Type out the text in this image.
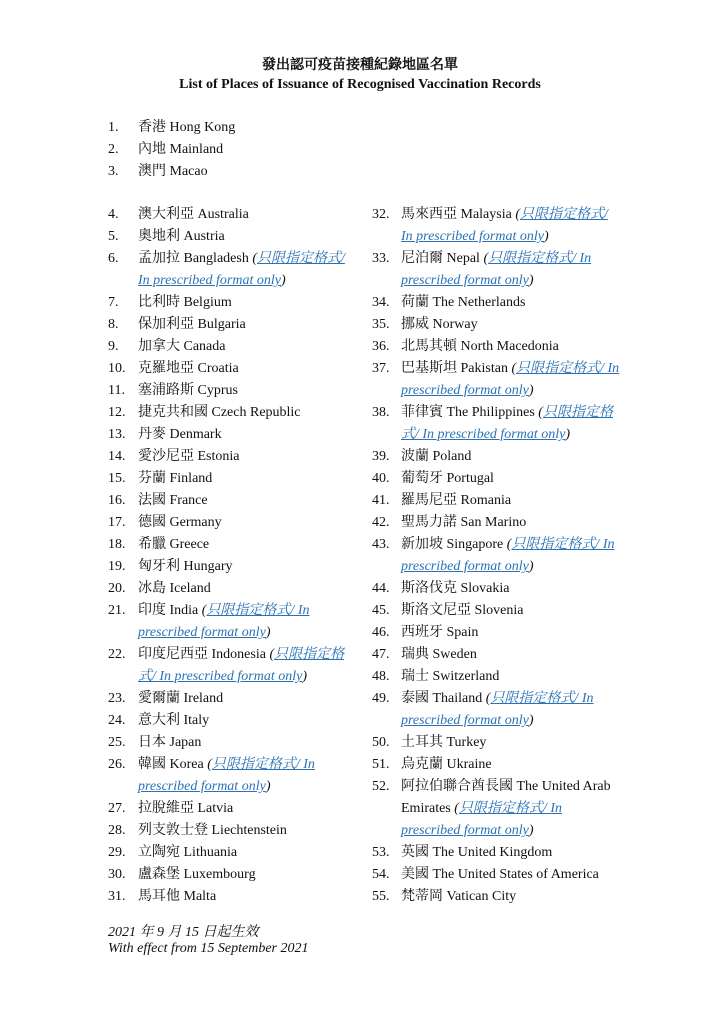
發出認可疫苗接種紀錄地區名單
List of Places of Issuance of Recognised Vaccination Records
1. 香港 Hong Kong
2. 內地 Mainland
3. 澳門 Macao
4. 澳大利亞 Australia
5. 奧地利 Austria
6. 孟加拉 Bangladesh (只限指定格式/ In prescribed format only)
7. 比利時 Belgium
8. 保加利亞 Bulgaria
9. 加拿大 Canada
10. 克羅地亞 Croatia
11. 塞浦路斯 Cyprus
12. 捷克共和國 Czech Republic
13. 丹麥 Denmark
14. 愛沙尼亞 Estonia
15. 芬蘭 Finland
16. 法國 France
17. 德國 Germany
18. 希臘 Greece
19. 匈牙利 Hungary
20. 冰島 Iceland
21. 印度 India (只限指定格式/ In prescribed format only)
22. 印度尼西亞 Indonesia (只限指定格式/ In prescribed format only)
23. 愛爾蘭 Ireland
24. 意大利 Italy
25. 日本 Japan
26. 韓國 Korea (只限指定格式/ In prescribed format only)
27. 拉脫維亞 Latvia
28. 列支敦士登 Liechtenstein
29. 立陶宛 Lithuania
30. 盧森堡 Luxembourg
31. 馬耳他 Malta
32. 馬來西亞 Malaysia (只限指定格式/ In prescribed format only)
33. 尼泊爾 Nepal (只限指定格式/ In prescribed format only)
34. 荷蘭 The Netherlands
35. 挪威 Norway
36. 北馬其頓 North Macedonia
37. 巴基斯坦 Pakistan (只限指定格式/ In prescribed format only)
38. 菲律賓 The Philippines (只限指定格式/ In prescribed format only)
39. 波蘭 Poland
40. 葡萄牙 Portugal
41. 羅馬尼亞 Romania
42. 聖馬力諾 San Marino
43. 新加坡 Singapore (只限指定格式/ In prescribed format only)
44. 斯洛伐克 Slovakia
45. 斯洛文尼亞 Slovenia
46. 西班牙 Spain
47. 瑞典 Sweden
48. 瑞士 Switzerland
49. 泰國 Thailand (只限指定格式/ In prescribed format only)
50. 土耳其 Turkey
51. 烏克蘭 Ukraine
52. 阿拉伯聯合酋長國 The United Arab Emirates (只限指定格式/ In prescribed format only)
53. 英國 The United Kingdom
54. 美國 The United States of America
55. 梵蒂岡 Vatican City
2021 年 9 月 15 日起生效
With effect from 15 September 2021
